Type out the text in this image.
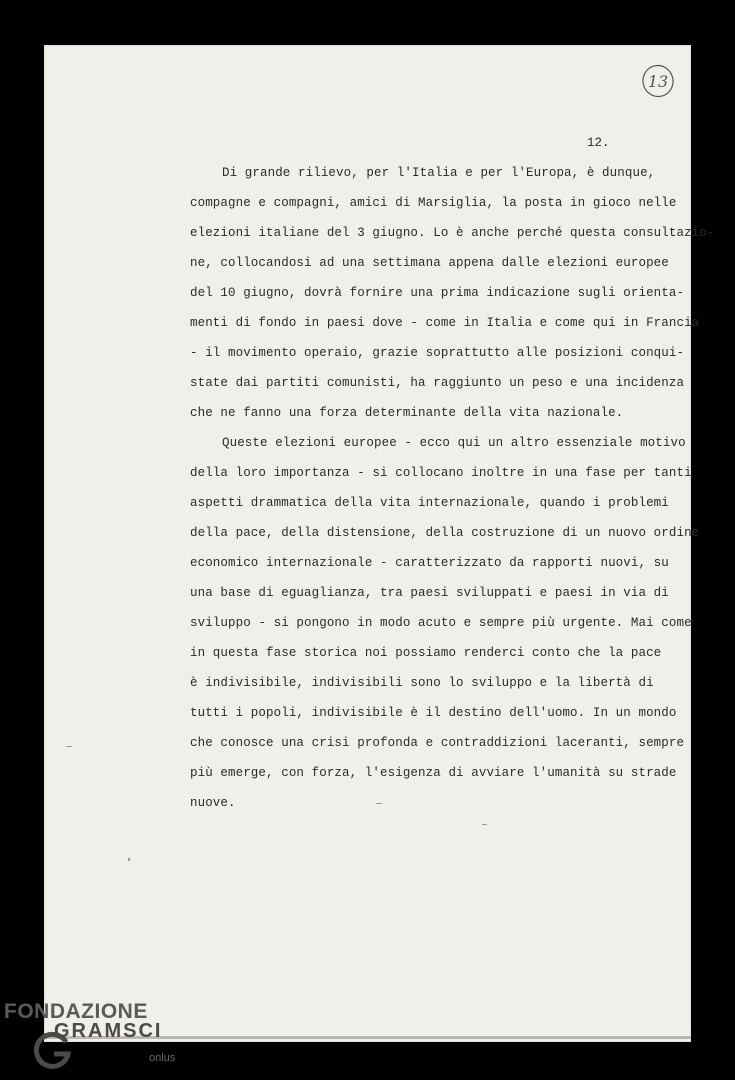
13
12.
Di grande rilievo, per l'Italia e per l'Europa, è dunque,
compagne e compagni, amici di Marsiglia, la posta in gioco nelle
elezioni italiane del 3 giugno. Lo è anche perché questa consultazio-
ne, collocandosi ad una settimana appena dalle elezioni europee
del 10 giugno, dovrà fornire una prima indicazione sugli orienta-
menti di fondo in paesi dove - come in Italia e come qui in Francia
- il movimento operaio, grazie soprattutto alle posizioni conqui-
state dai partiti comunisti, ha raggiunto un peso e una incidenza
che ne fanno una forza determinante della vita nazionale.
Queste elezioni europee - ecco qui un altro essenziale motivo
della loro importanza - si collocano inoltre in una fase per tanti
aspetti drammatica della vita internazionale, quando i problemi
della pace, della distensione, della costruzione di un nuovo ordine
economico internazionale - caratterizzato da rapporti nuovi, su
una base di eguaglianza, tra paesi sviluppati e paesi in via di
sviluppo - si pongono in modo acuto e sempre più urgente. Mai come
in questa fase storica noi possiamo renderci conto che la pace
è indivisibile, indivisibili sono lo sviluppo e la libertà di
tutti i popoli, indivisibile è il destino dell'uomo. In un mondo
che conosce una crisi profonda e contraddizioni laceranti, sempre
più emerge, con forza, l'esigenza di avviare l'umanità su strade
nuove.
FONDAZIONE
GRAMSCI
onlus
